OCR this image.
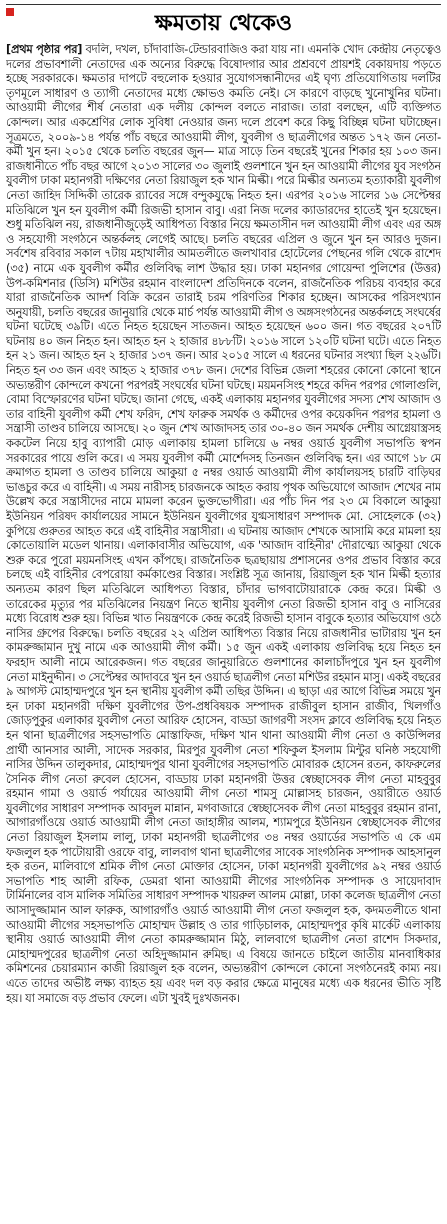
ক্ষমতায় থেকেও
[প্রথম পৃষ্ঠার পর] বদলি, দখল, চাঁদাবাজি-টেন্ডারবাজিও করা যায় না। এমনকি খোদ কেন্দ্রীয় নেতৃত্বেও দলের প্রভাবশালী নেতাদের এক অন্যের বিরুদ্ধে বিষোদগার আর প্রশ্রবণে প্রায়শই বেকায়দায় পড়তে হচ্ছে সরকারকে। ক্ষমতার দাপটে বহুলোক হওয়ার সুযোগসন্ধানীদের এই ঘৃণ্য প্রতিযোগিতায় দলটির তৃণমূলে সাধারণ ও ত্যাগী নেতাদের মধ্যে ক্ষোভও কমতি নেই। সে কারণে বাড়ছে খুনোখুনির ঘটনা। আওয়ামী লীগের শীর্ষ নেতারা এক দলীয় কোন্দল বলতে নারাজ। তারা বলছেন, এটি ব্যক্তিগত কোন্দল। আর একশ্রেণির লোক সুবিধা নেওয়ার জন্য দলে প্রবেশ করে কিছু বিচ্ছিন্ন ঘটনা ঘটাচ্ছেন। সূত্রমতে, ২০০৯-১৪ পর্যন্ত পাঁচ বছরে আওয়ামী লীগ, যুবলীগ ও ছাত্রলীগের অন্তত ১৭২ জন নেতা-কর্মী খুন হন। ২০১৫ থেকে চলতি বছরের জুন— মাত্র সাড়ে তিন বছরেই খুনের শিকার হয় ১০৩ জন। রাজধানীতে পাঁচ বছর আগে ২০১৩ সালের ৩০ জুলাই গুলশানে খুন হন আওয়ামী লীগের যুব সংগঠন যুবলীগ ঢাকা মহানগরী দক্ষিণের নেতা রিয়াজুল হক খান মিল্কী। পরে মিল্কীর অন্যতম হত্যাকারী যুবলীগ নেতা জাহিদ সিদ্দিকী তারেক র‌্যাবের সঙ্গে বন্দুকযুদ্ধে নিহত হন। এরপর ২০১৬ সালের ১৬ সেপ্টেম্বর মতিঝিলে খুন হন যুবলীগ কর্মী রিজভী হাসান বাবু। এরা নিজ দলের ক্যাডারদের হাতেই খুন হয়েছেন। শুধু মতিঝিল নয়, রাজধানীজুড়েই আধিপত্য বিস্তার নিয়ে ক্ষমতাসীন দল আওয়ামী লীগ এবং এর অঙ্গ ও সহযোগী সংগঠনে অন্তর্কলহ লেগেই আছে। চলতি বছরের এপ্রিল ও জুনে খুন হন আরও দুজন। সর্বশেষ রবিবার সকাল ৭টায় মহাখালীর আমতলীতে জলখাবার হোটেলের পেছনের গলি থেকে রাশেদ (৩৫) নামে এক যুবলীগ কর্মীর গুলিবিদ্ধ লাশ উদ্ধার হয়। ঢাকা মহানগর গোয়েন্দা পুলিশের (উত্তর) উপ-কমিশনার (ডিসি) মশিউর রহমান বাংলাদেশ প্রতিদিনকে বলেন, রাজনৈতিক পরিচয় ব্যবহার করে যারা রাজনৈতিক আদর্শ বিক্রি করেন তারাই চরম পরিণতির শিকার হচ্ছেন। আসকের পরিসংখ্যান অনুযায়ী, চলতি বছরের জানুয়ারি থেকে মার্চ পর্যন্ত আওয়ামী লীগ ও অঙ্গসংগঠনের অন্তর্কলহে সংঘর্ষের ঘটনা ঘটেছে ৩৯টি। এতে নিহত হয়েছেন সাতজন। আহত হয়েছেন ৬০০ জন। গত বছরের ২০৭টি ঘটনায় ৪০ জন নিহত হন। আহত হন ২ হাজার ৪৮৮টি। ২০১৬ সালে ১২০টি ঘটনা ঘটে। এতে নিহত হন ২১ জন। আহত হন ২ হাজার ১৩৭ জন। আর ২০১৫ সালে এ ধরনের ঘটনার সংখ্যা ছিল ২২৬টি। নিহত হন ৩৩ জন এবং আহত ২ হাজার ৩৭৮ জন। দেশের বিভিন্ন জেলা শহরের কোনো কোনো স্থানে অভ্যন্তরীণ কোন্দলে কখনো পরপরই সংঘর্ষের ঘটনা ঘটছে। ময়মনসিংহ শহরে কদিন পরপর গোলাগুলি, বোমা বিস্ফোরণের ঘটনা ঘটছে। জানা গেছে, একই এলাকায় মহানগর যুবলীগের সদস্য শেখ আজাদ ও তার বাহিনী যুবলীগ কর্মী শেখ ফরিদ, শেখ ফারুক সমর্থক ও কর্মীদের ওপর কয়েকদিন পরপর হামলা ও সন্ত্রাসী তাণ্ডব চালিয়ে আসছে। ২০ জুন শেখ আজাদসহ তার ৩০-৪০ জন সমর্থক দেশীয় আগ্নেয়াস্ত্রসহ ককটেল নিয়ে হাবু ব্যাপারী মোড় এলাকায় হামলা চালিয়ে ৬ নম্বর ওয়ার্ড যুবলীগ সভাপতি স্বপন সরকারের পায়ে গুলি করে। এ সময় যুবলীগ কর্মী মোর্শেদসহ তিনজন গুলিবিদ্ধ হন। এর আগে ১৮ মে ক্রমাগত হামলা ও তাণ্ডব চালিয়ে আকুয়া ৫ নম্বর ওয়ার্ড আওয়ামী লীগ কার্যালয়সহ চারটি বাড়িঘর ভাঙচুর করে এ বাহিনী। এ সময় নারীসহ চারজনকে আহত করায় পৃথক অভিযোগে আজাদ শেখের নাম উল্লেখ করে সন্ত্রাসীদের নামে মামলা করেন ভুক্তভোগীরা। এর পাঁচ দিন পর ২৩ মে বিকালে আকুয়া ইউনিয়ন পরিষদ কার্যালয়ের সামনে ইউনিয়ন যুবলীগের যুগ্মসাধারণ সম্পাদক মো. সোহেলকে (৩২) কুপিয়ে গুরুতর আহত করে এই বাহিনীর সন্ত্রাসীরা। এ ঘটনায় আজাদ শেখকে আসামি করে মামলা হয় কোতোয়ালি মডেল থানায়। এলাকাবাসীর অভিযোগ, এক 'আজাদ বাহিনীর' দৌরাত্ম্যে আকুয়া থেকে শুরু করে পুরো ময়মনসিংহ এখন কাঁপছে। রাজনৈতিক ছত্রছায়ায় প্রশাসনের ওপর প্রভাব বিস্তার করে চলছে এই বাহিনীর বেপরোয়া কর্মকাণ্ডের বিস্তার। সংশ্লিষ্ট সূত্র জানায়, রিয়াজুল হক খান মিল্কী হত্যার অন্যতম কারণ ছিল মতিঝিলে আধিপত্য বিস্তার, চাঁদার ভাগবাটোয়ারাকে কেন্দ্র করে। মিল্কী ও তারেকের মৃত্যুর পর মতিঝিলের নিয়ন্ত্রণ নিতে স্থানীয় যুবলীগ নেতা রিজভী হাসান বাবু ও নাসিরের মধ্যে বিরোধ শুরু হয়। বিভিন্ন খাত নিয়ন্ত্রণকে কেন্দ্র করেই রিজভী হাসান বাবুকে হত্যার অভিযোগ ওঠে নাসির গ্রুপের বিরুদ্ধে। চলতি বছরের ২২ এপ্রিল আধিপত্য বিস্তার নিয়ে রাজধানীর ভাটারায় খুন হন কামরুজ্জামান দুখু নামে এক আওয়ামী লীগ কর্মী। ১৫ জুন একই এলাকায় গুলিবিদ্ধ হয়ে নিহত হন ফরহাদ আলী নামে আরেকজন। গত বছরের জানুয়ারিতে গুলশানের কালাচাঁদপুরে খুন হন যুবলীগ নেতা মাইনুদ্দীন। ৩ সেপ্টেম্বর আদাবরে খুন হন ওয়ার্ড ছাত্রলীগ নেতা মশিউর রহমান মাসু। একই বছরের ৯ আগস্ট মোহাম্মদপুরে খুন হন স্থানীয় যুবলীগ কর্মী তছির উদ্দিন। এ ছাড়া এর আগে বিভিন্ন সময়ে খুন হন ঢাকা মহানগরী দক্ষিণ যুবলীগের উপ-প্রধবিষয়ক সম্পাদক রাজীবুল হাসান রাজীব, খিলগাঁও জোড়পুকুর এলাকার যুবলীগ নেতা আরিফ হোসেন, বাড্ডা জাগরণী সংসদ ক্লাবে গুলিবিদ্ধ হয়ে নিহত হন থানা ছাত্রলীগের সহসভাপতি মোস্তাফিজ, দক্ষিণ খান থানা আওয়ামী লীগ নেতা ও কাউন্সিলর প্রার্থী আনসার আলী, সাদেক সরকার, মিরপুর যুবলীগ নেতা শফিকুল ইসলাম মিন্টুর ঘনিষ্ঠ সহযোগী নাসির উদ্দিন তালুকদার, মোহাম্মদপুর থানা যুবলীগের সহসভাপতি মোবারক হোসেন রতন, কাফরুলের সৈনিক লীগ নেতা রুবেল হোসেন, বাড্ডায় ঢাকা মহানগরী উত্তর স্বেচ্ছাসেবক লীগ নেতা মাহবুবুর রহমান গামা ও ওয়ার্ড পর্যায়ের আওয়ামী লীগ নেতা শামসু মোল্লাসহ চারজন, ওয়ারীতে ওয়ার্ড যুবলীগের সাধারণ সম্পাদক আবদুল মান্নান, মগবাজারে স্বেচ্ছাসেবক লীগ নেতা মাহবুবুর রহমান রানা, আগারগাঁওয়ে ওয়ার্ড আওয়ামী লীগ নেতা জাহাঙ্গীর আলম, শ্যামপুরে ইউনিয়ন স্বেচ্ছাসেবক লীগের নেতা রিয়াজুল ইসলাম লালু, ঢাকা মহানগরী ছাত্রলীগের ৩৪ নম্বর ওয়ার্ডের সভাপতি এ কে এম ফজলুল হক পাটোয়ারী ওরফে বাবু, লালবাগ থানা ছাত্রলীগের সাবেক সাংগঠনিক সম্পাদক আহসানুল হক রতন, মালিবাগে শ্রমিক লীগ নেতা মোক্তার হোসেন, ঢাকা মহানগরী যুবলীগের ৯২ নম্বর ওয়ার্ড সভাপতি শাহ আলী রফিক, ডেমরা থানা আওয়ামী লীগের সাংগঠনিক সম্পাদক ও সায়েদাবাদ টার্মিনালের বাস মালিক সমিতির সাধারণ সম্পাদক খায়রুল আলম মোল্লা, ঢাকা কলেজ ছাত্রলীগ নেতা আসাদুজ্জামান আল ফারুক, আগারগাঁও ওয়ার্ড আওয়ামী লীগ নেতা ফজলুল হক, কদমতলীতে থানা আওয়ামী লীগের সহসভাপতি মোহাম্মদ উল্লাহ ও তার গাড়িচালক, মোহাম্মদপুর কৃষি মার্কেট এলাকায় স্থানীয় ওয়ার্ড আওয়ামী লীগ নেতা কামরুজ্জামান মিঠু, লালবাগে ছাত্রলীগ নেতা রাশেদ সিকদার, মোহাম্মদপুরের ছাত্রলীগ নেতা অহিদুজ্জামান রুমিছ। এ বিষয়ে জানতে চাইলে জাতীয় মানবাধিকার কমিশনের চেয়ারম্যান কাজী রিয়াজুল হক বলেন, অভ্যন্তরীণ কোন্দলে কোনো সংগঠনেরই কাম্য নয়। এতে তাদের অভীষ্ট লক্ষ্য ব্যাহত হয় এবং দল বড় করার ক্ষেত্রে মানুষের মধ্যে এক ধরনের ভীতি সৃষ্টি হয়। যা সমাজে বড় প্রভাব ফেলে। এটা খুবই দুঃখজনক।
